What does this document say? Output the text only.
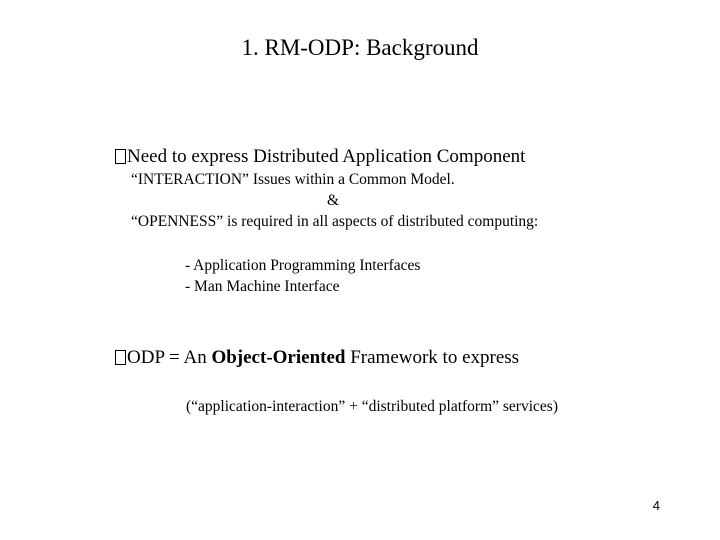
1. RM-ODP: Background
Need to express Distributed Application Component
“INTERACTION” Issues within a Common Model.
&
“OPENNESS” is required in all aspects of distributed computing:
- Application Programming Interfaces
- Man Machine Interface
ODP = An Object-Oriented Framework to express
(“application-interaction” + “distributed platform” services)
4
